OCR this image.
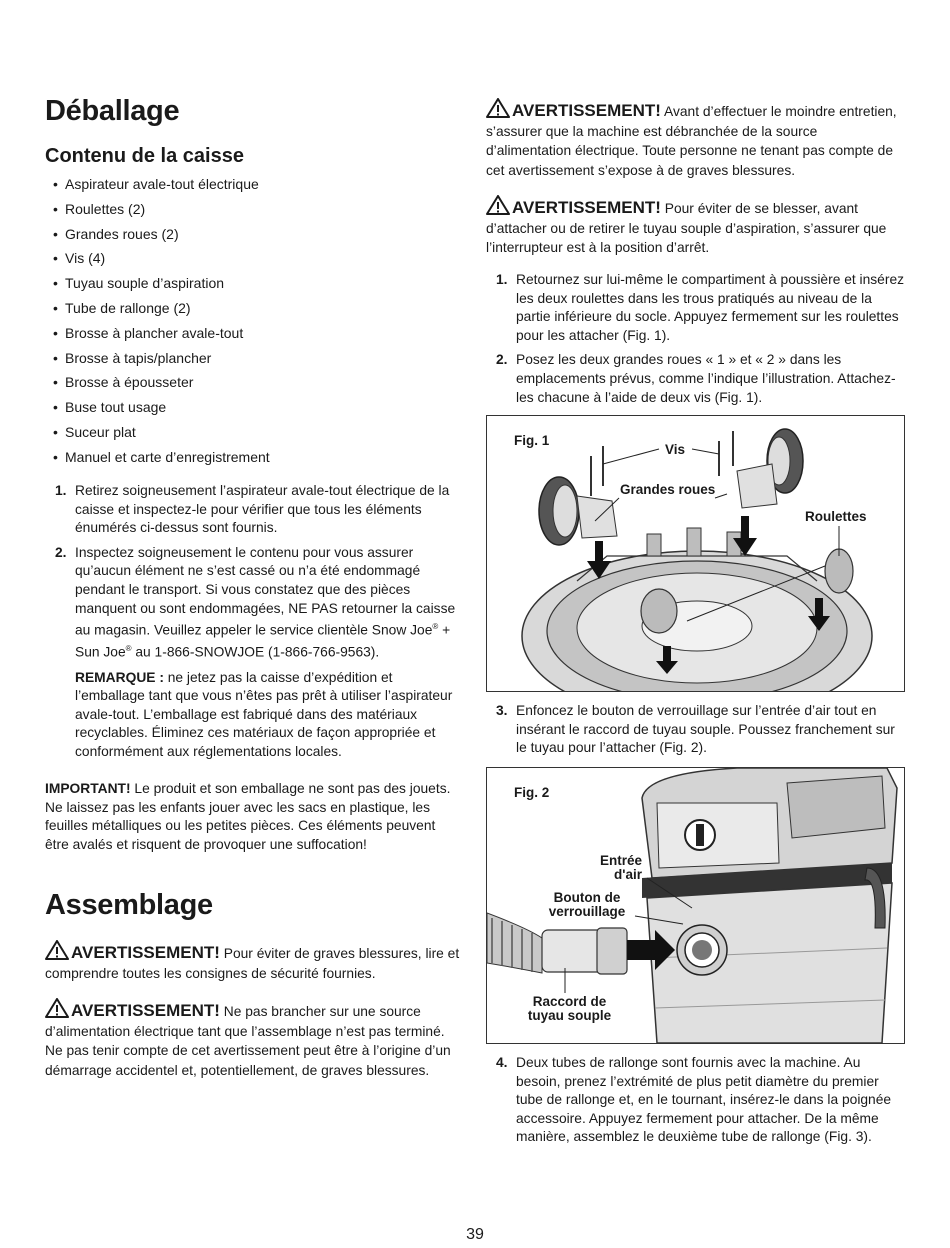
Déballage
Contenu de la caisse
• Aspirateur avale-tout électrique
• Roulettes (2)
• Grandes roues (2)
• Vis (4)
• Tuyau souple d’aspiration
• Tube de rallonge (2)
• Brosse à plancher avale-tout
• Brosse à tapis/plancher
• Brosse à épousseter
• Buse tout usage
• Suceur plat
• Manuel et carte d’enregistrement
1. Retirez soigneusement l’aspirateur avale-tout électrique de la caisse et inspectez-le pour vérifier que tous les éléments énumérés ci-dessus sont fournis.
2. Inspectez soigneusement le contenu pour vous assurer qu’aucun élément ne s’est cassé ou n’a été endommagé pendant le transport. Si vous constatez que des pièces manquent ou sont endommagées, NE PAS retourner la caisse au magasin. Veuillez appeler le service clientèle Snow Joe® + Sun Joe® au 1-866-SNOWJOE (1-866-766-9563).
REMARQUE : ne jetez pas la caisse d’expédition et l’emballage tant que vous n’êtes pas prêt à utiliser l’aspirateur avale-tout. L’emballage est fabriqué dans des matériaux recyclables. Éliminez ces matériaux de façon appropriée et conformément aux réglementations locales.
IMPORTANT! Le produit et son emballage ne sont pas des jouets. Ne laissez pas les enfants jouer avec les sacs en plastique, les feuilles métalliques ou les petites pièces. Ces éléments peuvent être avalés et risquent de provoquer une suffocation!
Assemblage
AVERTISSEMENT! Pour éviter de graves blessures, lire et comprendre toutes les consignes de sécurité fournies.
AVERTISSEMENT! Ne pas brancher sur une source d’alimentation électrique tant que l’assemblage n’est pas terminé. Ne pas tenir compte de cet avertissement peut être à l’origine d’un démarrage accidentel et, potentiellement, de graves blessures.
AVERTISSEMENT! Avant d’effectuer le moindre entretien, s’assurer que la machine est débranchée de la source d’alimentation électrique. Toute personne ne tenant pas compte de cet avertissement s’expose à de graves blessures.
AVERTISSEMENT! Pour éviter de se blesser, avant d’attacher ou de retirer le tuyau souple d’aspiration, s’assurer que l’interrupteur est à la position d’arrêt.
1. Retournez sur lui-même le compartiment à poussière et insérez les deux roulettes dans les trous pratiqués au niveau de la partie inférieure du socle. Appuyez fermement sur les roulettes pour les attacher (Fig. 1).
2. Posez les deux grandes roues « 1 » et « 2 » dans les emplacements prévus, comme l’indique l’illustration. Attachez-les chacune à l’aide de deux vis (Fig. 1).
Fig. 1
Vis
Grandes roues
Roulettes
3. Enfoncez le bouton de verrouillage sur l’entrée d’air tout en insérant le raccord de tuyau souple. Poussez franchement sur le tuyau pour l’attacher (Fig. 2).
Fig. 2
Entrée d'air
Bouton de verrouillage
Raccord de tuyau souple
4. Deux tubes de rallonge sont fournis avec la machine. Au besoin, prenez l’extrémité de plus petit diamètre du premier tube de rallonge et, en le tournant, insérez-le dans la poignée accessoire. Appuyez fermement pour attacher. De la même manière, assemblez le deuxième tube de rallonge (Fig. 3).
39
